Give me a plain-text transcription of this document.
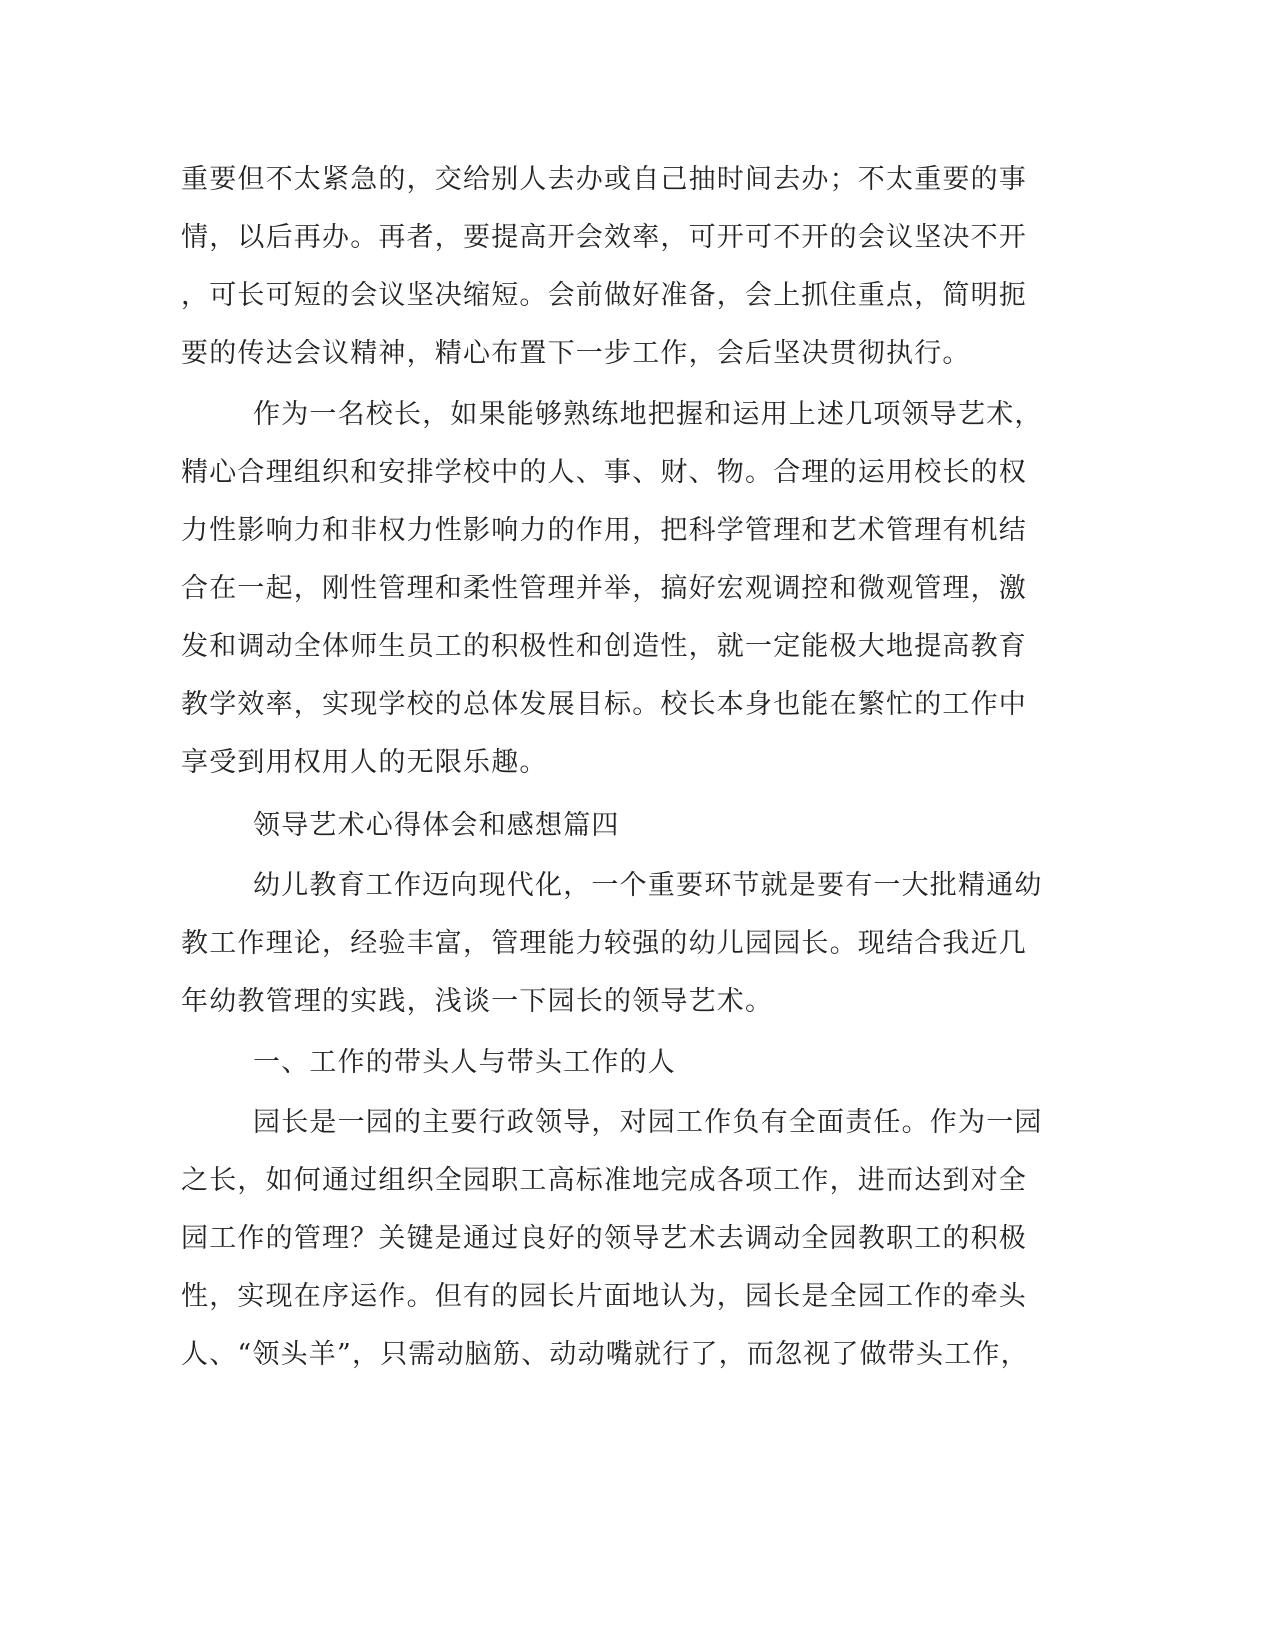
重要但不太紧急的，交给别人去办或自己抽时间去办；不太重要的事

情，以后再办。再者，要提高开会效率，可开可不开的会议坚决不开

，可长可短的会议坚决缩短。会前做好准备，会上抓住重点，简明扼

要的传达会议精神，精心布置下一步工作，会后坚决贯彻执行。

作为一名校长，如果能够熟练地把握和运用上述几项领导艺术，

精心合理组织和安排学校中的人、事、财、物。合理的运用校长的权

力性影响力和非权力性影响力的作用，把科学管理和艺术管理有机结

合在一起，刚性管理和柔性管理并举，搞好宏观调控和微观管理，激

发和调动全体师生员工的积极性和创造性，就一定能极大地提高教育

教学效率，实现学校的总体发展目标。校长本身也能在繁忙的工作中

享受到用权用人的无限乐趣。

领导艺术心得体会和感想篇四

幼儿教育工作迈向现代化，一个重要环节就是要有一大批精通幼

教工作理论，经验丰富，管理能力较强的幼儿园园长。现结合我近几

年幼教管理的实践，浅谈一下园长的领导艺术。

一、工作的带头人与带头工作的人

园长是一园的主要行政领导，对园工作负有全面责任。作为一园

之长，如何通过组织全园职工高标准地完成各项工作，进而达到对全

园工作的管理？关键是通过良好的领导艺术去调动全园教职工的积极

性，实现在序运作。但有的园长片面地认为，园长是全园工作的牵头

人、“领头羊”，只需动脑筋、动动嘴就行了，而忽视了做带头工作，
